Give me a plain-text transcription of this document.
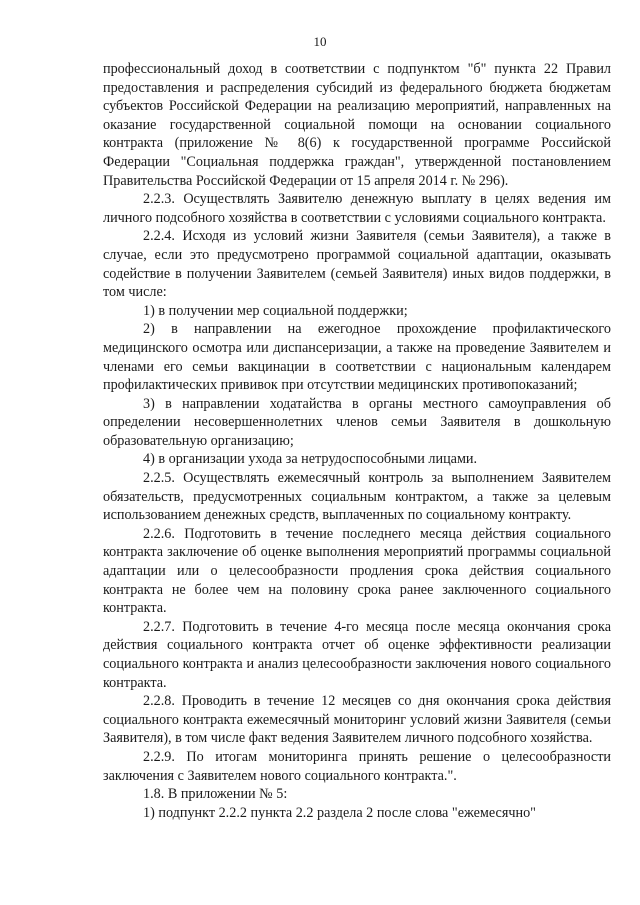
10

профессиональный доход в соответствии с подпунктом "б" пункта 22 Правил предоставления и распределения субсидий из федерального бюджета бюджетам субъектов Российской Федерации на реализацию мероприятий, направленных на оказание государственной социальной помощи на основании социального контракта (приложение № 8(6) к государственной программе Российской Федерации "Социальная поддержка граждан", утвержденной постановлением Правительства Российской Федерации от 15 апреля 2014 г. № 296).

2.2.3. Осуществлять Заявителю денежную выплату в целях ведения им личного подсобного хозяйства в соответствии с условиями социального контракта.

2.2.4. Исходя из условий жизни Заявителя (семьи Заявителя), а также в случае, если это предусмотрено программой социальной адаптации, оказывать содействие в получении Заявителем (семьей Заявителя) иных видов поддержки, в том числе:

1) в получении мер социальной поддержки;

2) в направлении на ежегодное прохождение профилактического медицинского осмотра или диспансеризации, а также на проведение Заявителем и членами его семьи вакцинации в соответствии с национальным календарем профилактических прививок при отсутствии медицинских противопоказаний;

3) в направлении ходатайства в органы местного самоуправления об определении несовершеннолетних членов семьи Заявителя в дошкольную образовательную организацию;

4) в организации ухода за нетрудоспособными лицами.

2.2.5. Осуществлять ежемесячный контроль за выполнением Заявителем обязательств, предусмотренных социальным контрактом, а также за целевым использованием денежных средств, выплаченных по социальному контракту.

2.2.6. Подготовить в течение последнего месяца действия социального контракта заключение об оценке выполнения мероприятий программы социальной адаптации или о целесообразности продления срока действия социального контракта не более чем на половину срока ранее заключенного социального контракта.

2.2.7. Подготовить в течение 4-го месяца после месяца окончания срока действия социального контракта отчет об оценке эффективности реализации социального контракта и анализ целесообразности заключения нового социального контракта.

2.2.8. Проводить в течение 12 месяцев со дня окончания срока действия социального контракта ежемесячный мониторинг условий жизни Заявителя (семьи Заявителя), в том числе факт ведения Заявителем личного подсобного хозяйства.

2.2.9. По итогам мониторинга принять решение о целесообразности заключения с Заявителем нового социального контракта.".

1.8. В приложении № 5:

1) подпункт 2.2.2 пункта 2.2 раздела 2 после слова "ежемесячно"
